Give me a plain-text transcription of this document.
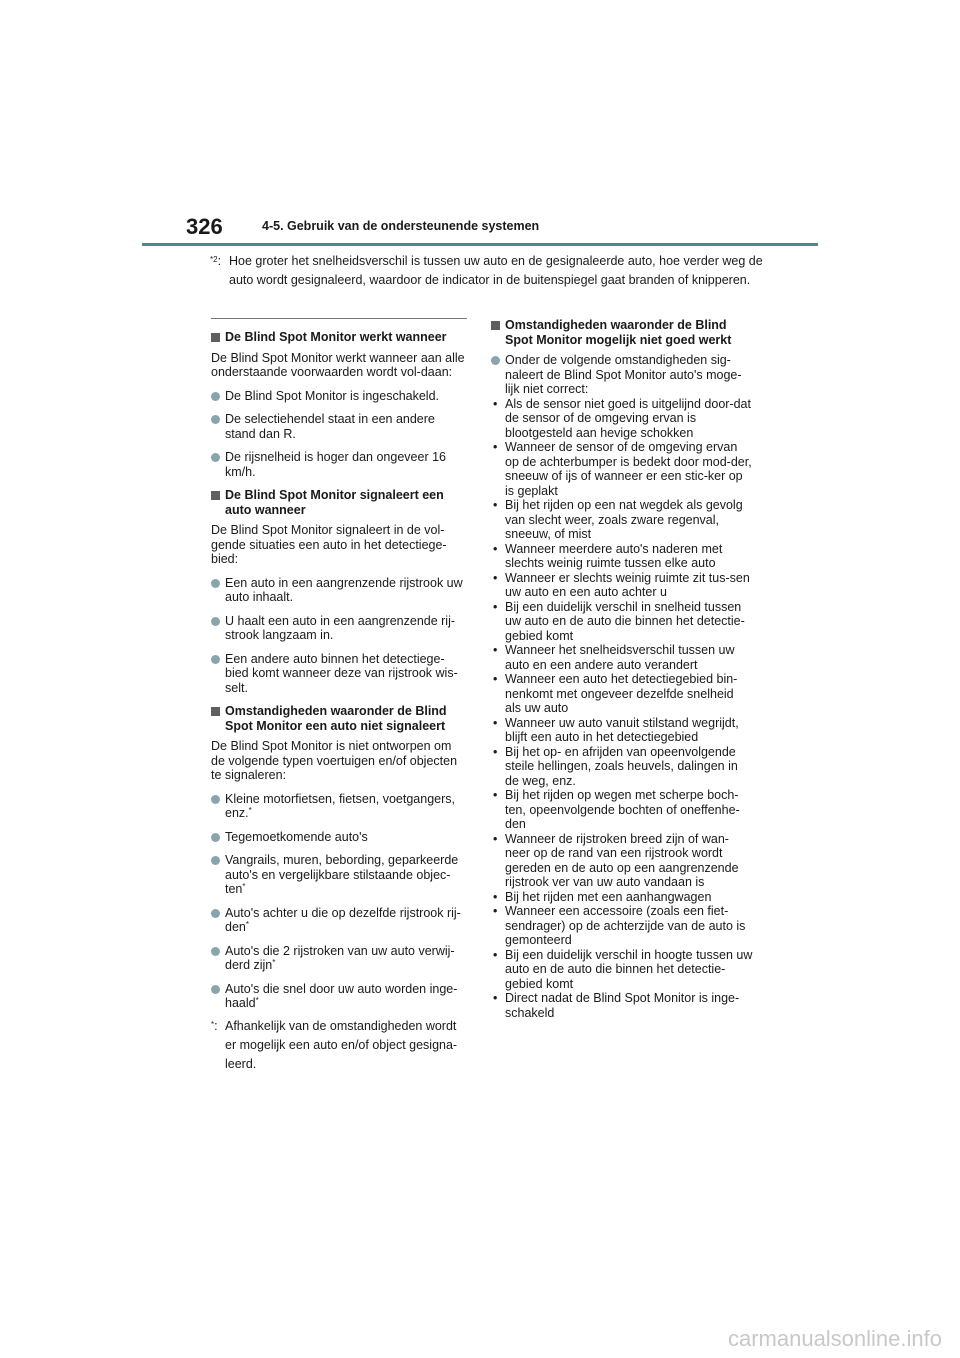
326	4-5. Gebruik van de ondersteunende systemen
$^{*2}$: Hoe groter het snelheidsverschil is tussen uw auto en de gesignaleerde auto, hoe verder weg de auto wordt gesignaleerd, waardoor de indicator in de buitenspiegel gaat branden of knipperen.
De Blind Spot Monitor werkt wanneer
De Blind Spot Monitor werkt wanneer aan alle onderstaande voorwaarden wordt vol-daan:
De Blind Spot Monitor is ingeschakeld.
De selectiehendel staat in een andere stand dan R.
De rijsnelheid is hoger dan ongeveer 16 km/h.
De Blind Spot Monitor signaleert een auto wanneer
De Blind Spot Monitor signaleert in de vol-gende situaties een auto in het detectiege-bied:
Een auto in een aangrenzende rijstrook uw auto inhaalt.
U haalt een auto in een aangrenzende rij-strook langzaam in.
Een andere auto binnen het detectiege-bied komt wanneer deze van rijstrook wis-selt.
Omstandigheden waaronder de Blind Spot Monitor een auto niet signaleert
De Blind Spot Monitor is niet ontworpen om de volgende typen voertuigen en/of objecten te signaleren:
Kleine motorfietsen, fietsen, voetgangers, enz.*
Tegemoetkomende auto's
Vangrails, muren, bebording, geparkeerde auto's en vergelijkbare stilstaande objec-ten*
Auto's achter u die op dezelfde rijstrook rij-den*
Auto's die 2 rijstroken van uw auto verwij-derd zijn*
Auto's die snel door uw auto worden inge-haald*
*: Afhankelijk van de omstandigheden wordt er mogelijk een auto en/of object gesigna-leerd.
Omstandigheden waaronder de Blind Spot Monitor mogelijk niet goed werkt
Onder de volgende omstandigheden sig-naleert de Blind Spot Monitor auto's moge-lijk niet correct:
• Als de sensor niet goed is uitgelijnd door-dat de sensor of de omgeving ervan is blootgesteld aan hevige schokken
• Wanneer de sensor of de omgeving ervan op de achterbumper is bedekt door mod-der, sneeuw of ijs of wanneer er een stic-ker op is geplakt
• Bij het rijden op een nat wegdek als gevolg van slecht weer, zoals zware regenval, sneeuw, of mist
• Wanneer meerdere auto's naderen met slechts weinig ruimte tussen elke auto
• Wanneer er slechts weinig ruimte zit tus-sen uw auto en een auto achter u
• Bij een duidelijk verschil in snelheid tussen uw auto en de auto die binnen het detectie-gebied komt
• Wanneer het snelheidsverschil tussen uw auto en een andere auto verandert
• Wanneer een auto het detectiegebied bin-nenkomt met ongeveer dezelfde snelheid als uw auto
• Wanneer uw auto vanuit stilstand wegrijdt, blijft een auto in het detectiegebied
• Bij het op- en afrijden van opeenvolgende steile hellingen, zoals heuvels, dalingen in de weg, enz.
• Bij het rijden op wegen met scherpe boch-ten, opeenvolgende bochten of oneffenhe-den
• Wanneer de rijstroken breed zijn of wan-neer op de rand van een rijstrook wordt gereden en de auto op een aangrenzende rijstrook ver van uw auto vandaan is
• Bij het rijden met een aanhangwagen
• Wanneer een accessoire (zoals een fiet-sendrager) op de achterzijde van de auto is gemonteerd
• Bij een duidelijk verschil in hoogte tussen uw auto en de auto die binnen het detectie-gebied komt
• Direct nadat de Blind Spot Monitor is inge-schakeld
carmanualsonline.info
